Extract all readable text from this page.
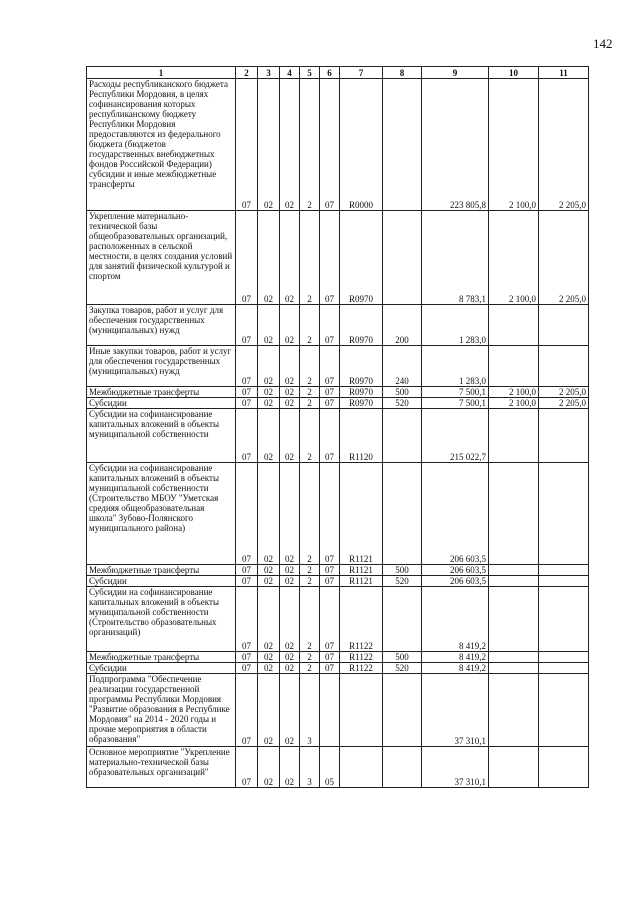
142
1	2	3	4	5	6	7	8	9	10	11
Расходы республиканского бюджета Республики Мордовия, в целях софинансирования которых республиканскому бюджету Республики Мордовия предоставляются из федерального бюджета (бюджетов государственных внебюджетных фондов Российской Федерации) субсидии и иные межбюджетные трансферты	07	02	02	2	07	R0000		223 805,8	2 100,0	2 205,0
Укрепление материально-технической базы общеобразовательных организаций, расположенных в сельской местности, в целях создания условий для занятий физической культурой и спортом	07	02	02	2	07	R0970		8 783,1	2 100,0	2 205,0
Закупка товаров, работ и услуг для обеспечения государственных (муниципальных) нужд	07	02	02	2	07	R0970	200	1 283,0		
Иные закупки товаров, работ и услуг для обеспечения государственных (муниципальных) нужд	07	02	02	2	07	R0970	240	1 283,0		
Межбюджетные трансферты	07	02	02	2	07	R0970	500	7 500,1	2 100,0	2 205,0
Субсидии	07	02	02	2	07	R0970	520	7 500,1	2 100,0	2 205,0
Субсидии на софинансирование капитальных вложений в объекты муниципальной собственности	07	02	02	2	07	R1120		215 022,7		
Субсидии на софинансирование капитальных вложений в объекты муниципальной собственности (Строительство МБОУ "Уметская средняя общеобразовательная школа" Зубово-Полянского муниципального района)	07	02	02	2	07	R1121		206 603,5		
Межбюджетные трансферты	07	02	02	2	07	R1121	500	206 603,5		
Субсидии	07	02	02	2	07	R1121	520	206 603,5		
Субсидии на софинансирование капитальных вложений в объекты муниципальной собственности (Строительство образовательных организаций)	07	02	02	2	07	R1122		8 419,2		
Межбюджетные трансферты	07	02	02	2	07	R1122	500	8 419,2		
Субсидии	07	02	02	2	07	R1122	520	8 419,2		
Подпрограмма "Обеспечение реализации государственной программы Республики Мордовия "Развитие образования в Республике Мордовия" на 2014 - 2020 годы и прочие мероприятия в области образования"	07	02	02	3				37 310,1		
Основное мероприятие "Укрепление материально-технической базы образовательных организаций"	07	02	02	3	05			37 310,1		
